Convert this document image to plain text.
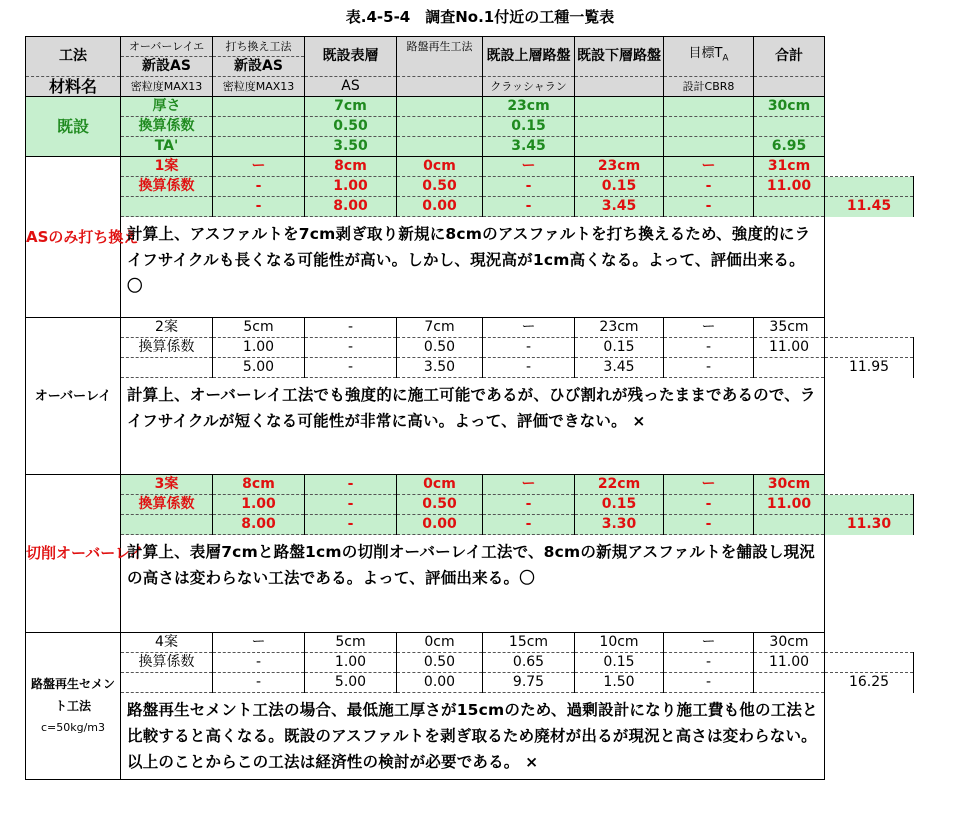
表.4-5-4　調査No.1付近の工種一覧表
工法	オーバーレイエ	打ち換え工法	既設表層	路盤再生工法	既設上層路盤	既設下層路盤	目標$T_A$	合計	
	新設AS	新設AS							
材料名	密粒度MAX13	密粒度MAX13	AS		クラッシャラン		設計CBR8		
既設	厚さ		7cm		23cm			30cm	
	換算係数		0.50		0.15				
	TA'		3.50		3.45			6.95	
ASのみ打ち換え	1案	ー	8cm	0cm	ー	23cm	ー	31cm	
	換算係数	-	1.00	0.50	-	0.15	-	11.00	
		-	8.00	0.00	-	3.45	-		11.45
	計算上、アスファルトを7cm剥ぎ取り新規に8cmのアスファルトを打ち換えるため、強度的にライフサイクルも長くなる可能性が高い。しかし、現況高が1cm高くなる。よって、評価出来る。〇								
オーバーレイ	2案	5cm	-	7cm	ー	23cm	ー	35cm	
	換算係数	1.00	-	0.50	-	0.15	-	11.00	
		5.00	-	3.50	-	3.45	-		11.95
	計算上、オーバーレイ工法でも強度的に施工可能であるが、ひび割れが残ったままであるので、ライフサイクルが短くなる可能性が非常に高い。よって、評価できない。 ×								
切削オーバーレイ	3案	8cm	-	0cm	ー	22cm	ー	30cm	
	換算係数	1.00	-	0.50	-	0.15	-	11.00	
		8.00	-	0.00	-	3.30	-		11.30
	計算上、表層7cmと路盤1cmの切削オーバーレイ工法で、8cmの新規アスファルトを舗設し現況の高さは変わらない工法である。よって、評価出来る。〇								

路盤再生セメント工法
c=50kg/m3	4案	ー	5cm	0cm	15cm	10cm	ー	30cm	
	換算係数	-	1.00	0.50	0.65	0.15	-	11.00	
		-	5.00	0.00	9.75	1.50	-		16.25
	路盤再生セメント工法の場合、最低施工厚さが15cmのため、過剰設計になり施工費も他の工法と比較すると高くなる。既設のアスファルトを剥ぎ取るため廃材が出るが現況と高さは変わらない。以上のことからこの工法は経済性の検討が必要である。 ×								
